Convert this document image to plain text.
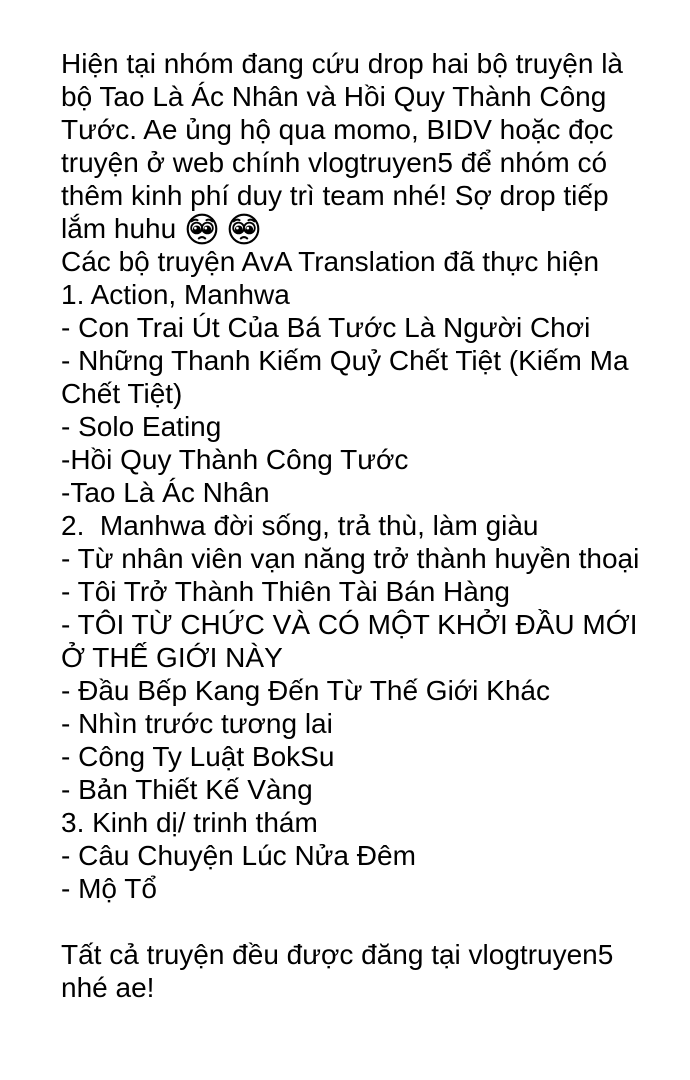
Hiện tại nhóm đang cứu drop hai bộ truyện là
bộ Tao Là Ác Nhân và Hồi Quy Thành Công
Tước. Ae ủng hộ qua momo, BIDV hoặc đọc
truyện ở web chính vlogtruyen5 để nhóm có
thêm kinh phí duy trì team nhé! Sợ drop tiếp
lắm huhu
Các bộ truyện AvA Translation đã thực hiện
1. Action, Manhwa
- Con Trai Út Của Bá Tước Là Người Chơi
- Những Thanh Kiếm Quỷ Chết Tiệt (Kiếm Ma
Chết Tiệt)
- Solo Eating
-Hồi Quy Thành Công Tước
-Tao Là Ác Nhân
2.  Manhwa đời sống, trả thù, làm giàu
- Từ nhân viên vạn năng trở thành huyền thoại
- Tôi Trở Thành Thiên Tài Bán Hàng
- TÔI TỪ CHỨC VÀ CÓ MỘT KHỞI ĐẦU MỚI
Ở THẾ GIỚI NÀY
- Đầu Bếp Kang Đến Từ Thế Giới Khác
- Nhìn trước tương lai
- Công Ty Luật BokSu
- Bản Thiết Kế Vàng
3. Kinh dị/ trinh thám
- Câu Chuyện Lúc Nửa Đêm
- Mộ Tổ
Tất cả truyện đều được đăng tại vlogtruyen5
nhé ae!
